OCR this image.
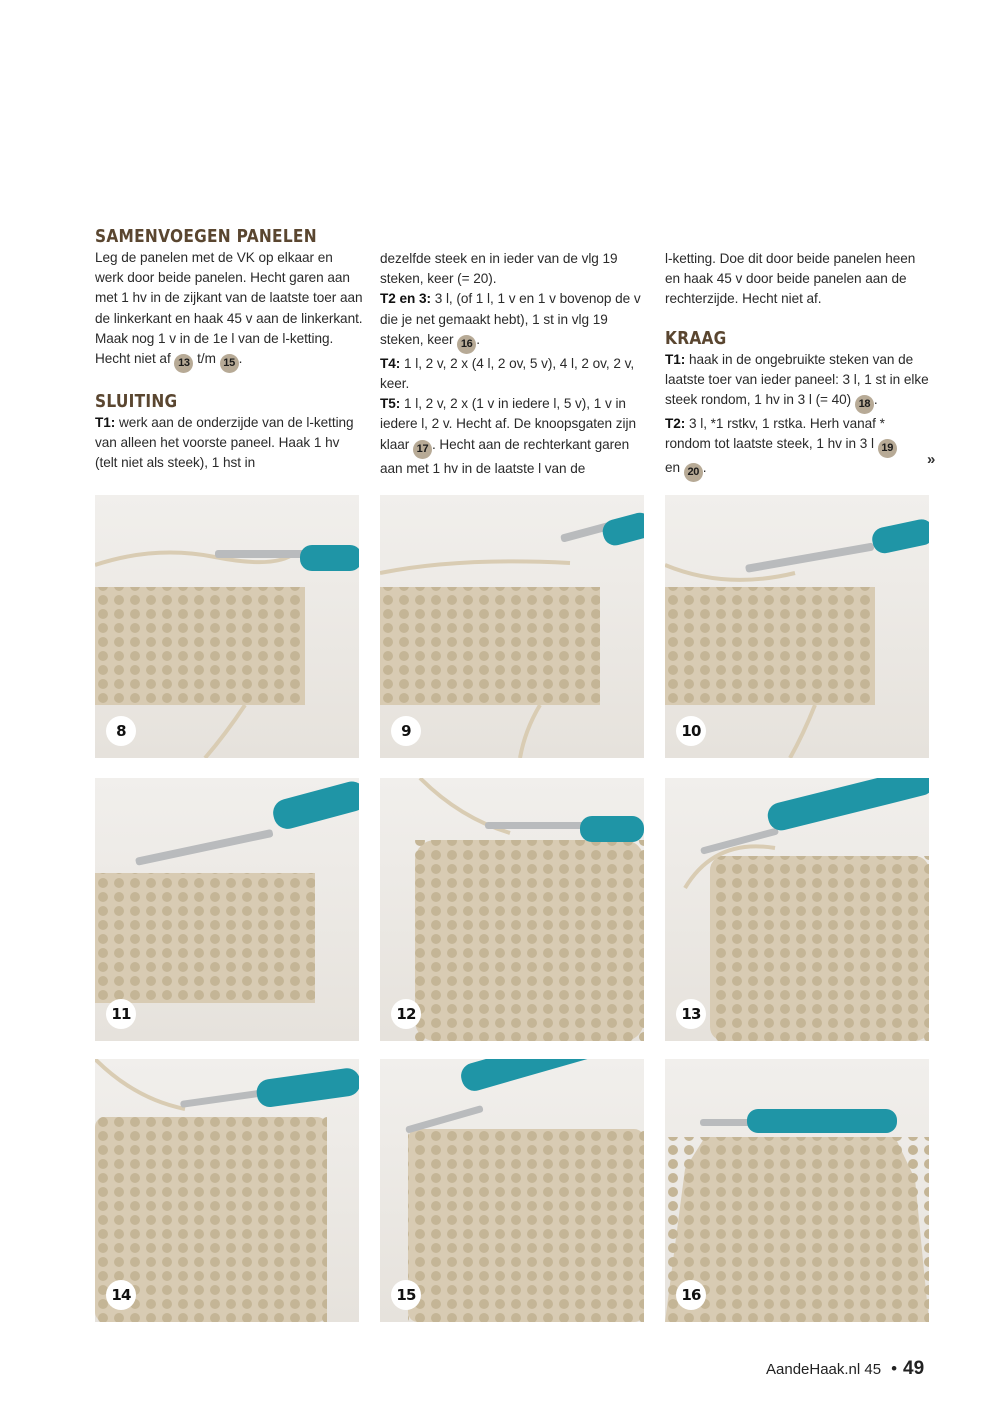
SAMENVOEGEN PANELEN

Leg de panelen met de VK op elkaar en werk door beide panelen. Hecht garen aan met 1 hv in de zijkant van de laatste toer aan de linkerkant en haak 45 v aan de linkerkant. Maak nog 1 v in de 1e l van de l-ketting. Hecht niet af 13 t/m 15 .

SLUITING

T1: werk aan de onderzijde van de l-ketting van alleen het voorste paneel. Haak 1 hv (telt niet als steek), 1 hst in

dezelfde steek en in ieder van de vlg 19 steken, keer (= 20).

T2 en 3: 3 l, (of 1 l, 1 v en 1 v bovenop de v die je net gemaakt hebt), 1 st in vlg 19 steken, keer 16 .

T4: 1 l, 2 v, 2 x (4 l, 2 ov, 5 v), 4 l, 2 ov, 2 v, keer.

T5: 1 l, 2 v, 2 x (1 v in iedere l, 5 v), 1 v in iedere l, 2 v. Hecht af. De knoopsgaten zijn klaar 17 . Hecht aan de rechterkant garen aan met 1 hv in de laatste l van de

l-ketting. Doe dit door beide panelen heen en haak 45 v door beide panelen aan de rechterzijde. Hecht niet af.

KRAAG

T1: haak in de ongebruikte steken van de laatste toer van ieder paneel: 3 l, 1 st in elke steek rondom, 1 hv in 3 l (= 40) 18 .

T2: 3 l, *1 rstkv, 1 rstka. Herh vanaf * rondom tot laatste steek, 1 hv in 3 l 19
en 20 .	»
8	9	10
11	12	13
14	15	16
AandeHaak.nl 45 • 49
